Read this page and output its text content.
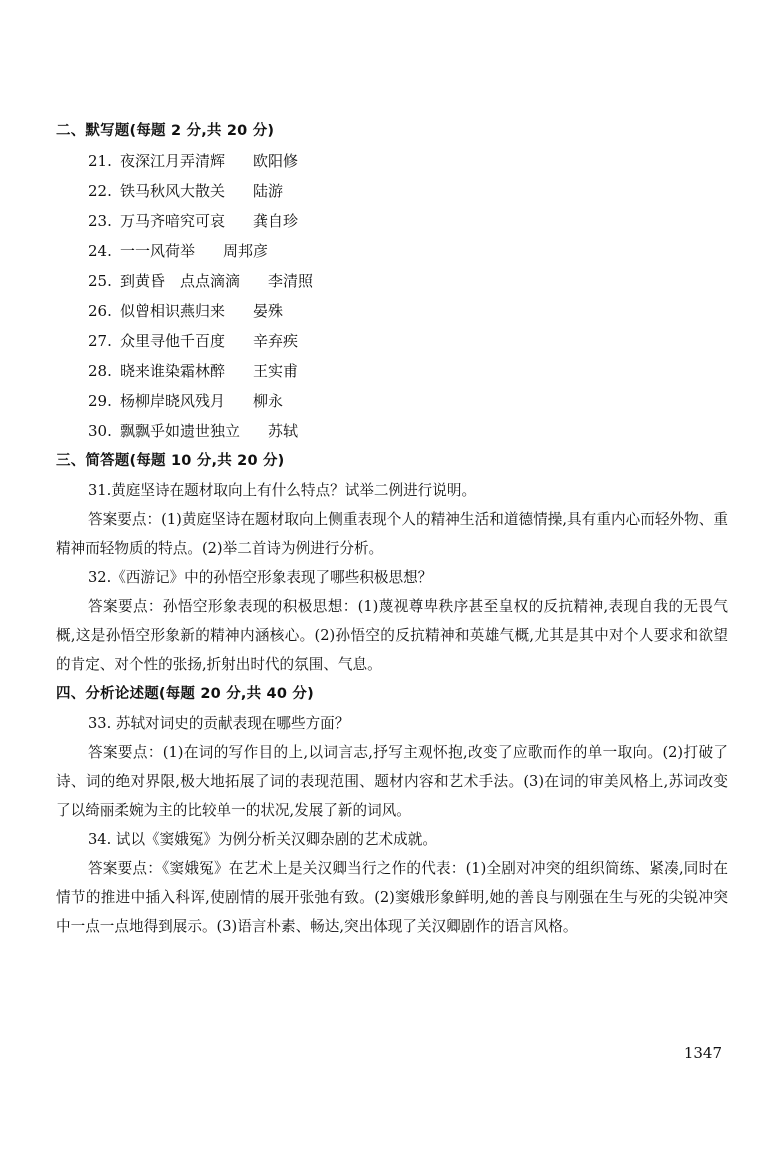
二、默写题(每题 2 分,共 20 分)
21. 夜深江月弄清辉 欧阳修
22. 铁马秋风大散关 陆游
23. 万马齐喑究可哀 龚自珍
24. 一一风荷举 周邦彦
25. 到黄昏　点点滴滴 李清照
26. 似曾相识燕归来 晏殊
27. 众里寻他千百度 辛弃疾
28. 晓来谁染霜林醉 王实甫
29. 杨柳岸晓风残月 柳永
30. 飘飘乎如遗世独立 苏轼
三、简答题(每题 10 分,共 20 分)

31.黄庭坚诗在题材取向上有什么特点？试举二例进行说明。

答案要点：(1)黄庭坚诗在题材取向上侧重表现个人的精神生活和道德情操,具有重内心而轻外物、重精神而轻物质的特点。(2)举二首诗为例进行分析。

32.《西游记》中的孙悟空形象表现了哪些积极思想？

答案要点：孙悟空形象表现的积极思想：(1)蔑视尊卑秩序甚至皇权的反抗精神,表现自我的无畏气概,这是孙悟空形象新的精神内涵核心。(2)孙悟空的反抗精神和英雄气概,尤其是其中对个人要求和欲望的肯定、对个性的张扬,折射出时代的氛围、气息。

四、分析论述题(每题 20 分,共 40 分)

33. 苏轼对词史的贡献表现在哪些方面？

答案要点：(1)在词的写作目的上,以词言志,抒写主观怀抱,改变了应歌而作的单一取向。(2)打破了诗、词的绝对界限,极大地拓展了词的表现范围、题材内容和艺术手法。(3)在词的审美风格上,苏词改变了以绮丽柔婉为主的比较单一的状况,发展了新的词风。

34. 试以《窦娥冤》为例分析关汉卿杂剧的艺术成就。

答案要点：《窦娥冤》在艺术上是关汉卿当行之作的代表：(1)全剧对冲突的组织简练、紧凑,同时在情节的推进中插入科诨,使剧情的展开张弛有致。(2)窦娥形象鲜明,她的善良与刚强在生与死的尖锐冲突中一点一点地得到展示。(3)语言朴素、畅达,突出体现了关汉卿剧作的语言风格。

1347
